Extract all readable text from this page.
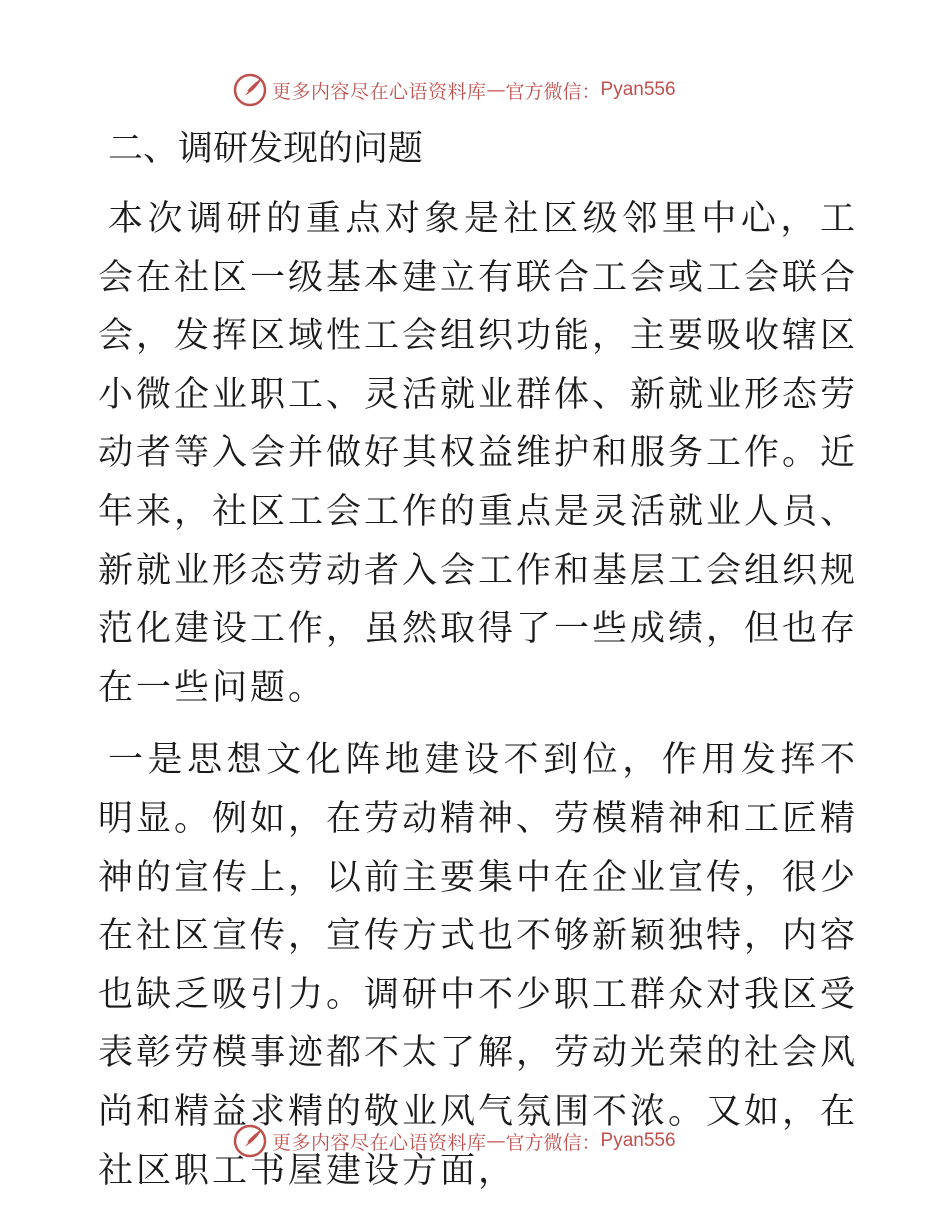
更多内容尽在心语资料库 — 官方微信： Pyan556
二、调研发现的问题

本次调研的重点对象是社区级邻里中心，工会在社区一级基本建立有联合工会或工会联合会，发挥区域性工会组织功能，主要吸收辖区小微企业职工、灵活就业群体、新就业形态劳动者等入会并做好其权益维护和服务工作。近年来，社区工会工作的重点是灵活就业人员、新就业形态劳动者入会工作和基层工会组织规范化建设工作，虽然取得了一些成绩，但也存在一些问题。

一是思想文化阵地建设不到位，作用发挥不明显。例如，在劳动精神、劳模精神和工匠精神的宣传上，以前主要集中在企业宣传，很少在社区宣传，宣传方式也不够新颖独特，内容也缺乏吸引力。调研中不少职工群众对我区受表彰劳模事迹都不太了解，劳动光荣的社会风尚和精益求精的敬业风气氛围不浓。又如，在社区职工书屋建设方面，

更多内容尽在心语资料库 — 官方微信： Pyan556
